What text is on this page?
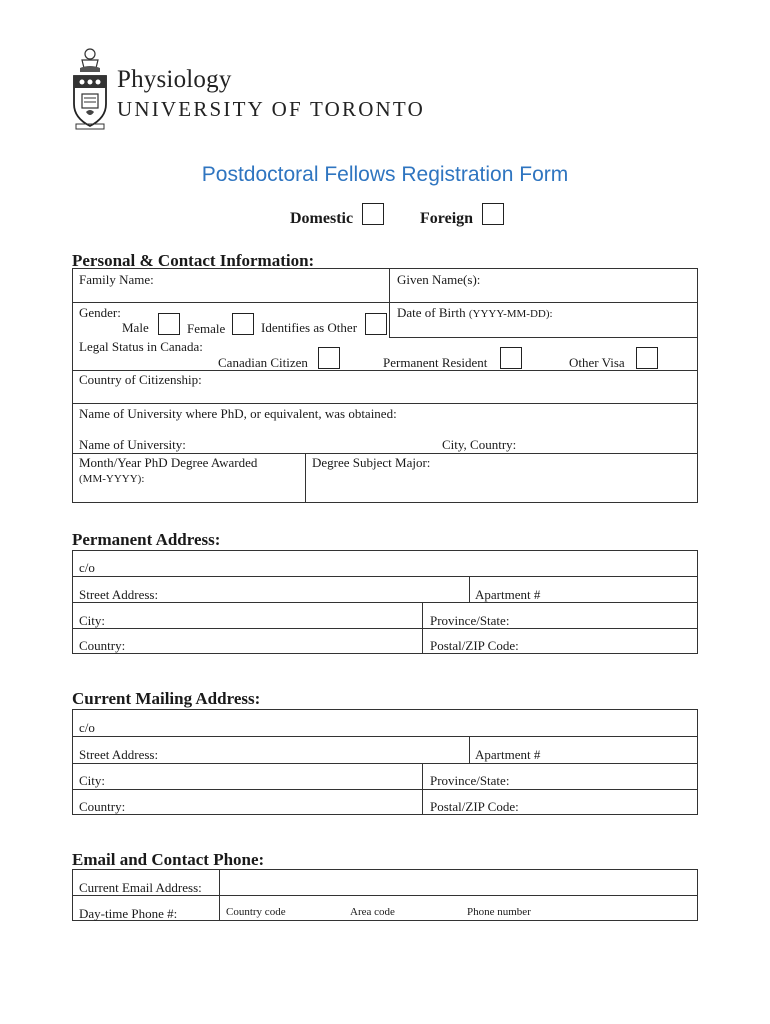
Physiology
UNIVERSITY OF TORONTO
Postdoctoral Fellows Registration Form
Domestic	Foreign
Personal & Contact Information:
Family Name:	Given Name(s):
Gender:
Male	Female	Identifies as Other
Date of Birth (YYYY-MM-DD):
Legal Status in Canada:
Canadian Citizen	Permanent Resident	Other Visa
Country of Citizenship:
Name of University where PhD, or equivalent, was obtained:
Name of University:	City, Country:
Month/Year PhD Degree Awarded
(MM-YYYY):
Degree Subject Major:
Permanent Address:
c/o
Street Address:	Apartment #
City:	Province/State:
Country:	Postal/ZIP Code:
Current Mailing Address:
c/o
Street Address:	Apartment #
City:	Province/State:
Country:	Postal/ZIP Code:
Email and Contact Phone:
Current Email Address:
Day-time Phone #:	Country code	Area code	Phone number
